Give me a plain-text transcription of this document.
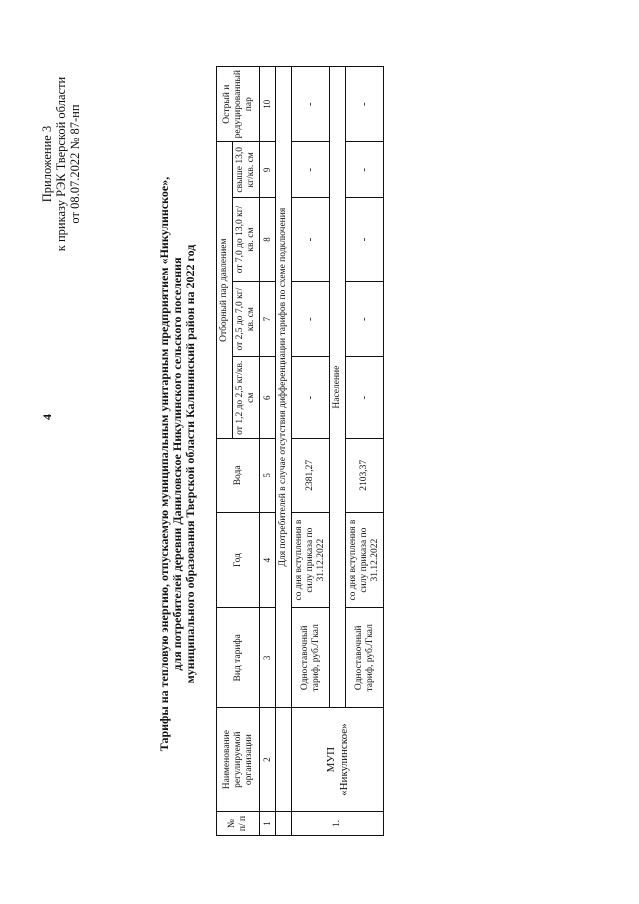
4
Приложение 3 к приказу РЭК Тверской области от 08.07.2022 № 87-нп
Тарифы на тепловую энергию, отпускаемую муниципальным унитарным предприятием «Никулинское», для потребителей деревни Даниловское Никулинского сельского поселения муниципального образования Тверской области Калининский район на 2022 год
№ п/ п	Наименование регулируемой организации	Вид тарифа	Год	Вода	Отборный пар давлением				Острый и редуцированный пар
					от 1,2 до 2,5 кг/кв. см	от 2,5 до 7,0 кг/кв. см	от 7,0 до 13,0 кг/кв. см	свыше 13,0 кг/кв. см	
1	2	3	4	5	6	7	8	9	10
		Для потребителей в случае отсутствия дифференциации тарифов по схеме подключения							
1.	МУП «Никулинское»	Одноставочный тариф, руб./Гкал	со дня вступления в силу приказа по 31.12.2022	2381,27	-	-	-	-	-
		Население							
		Одноставочный тариф, руб./Гкал	со дня вступления в силу приказа по 31.12.2022	2103,37	-	-	-	-	-
